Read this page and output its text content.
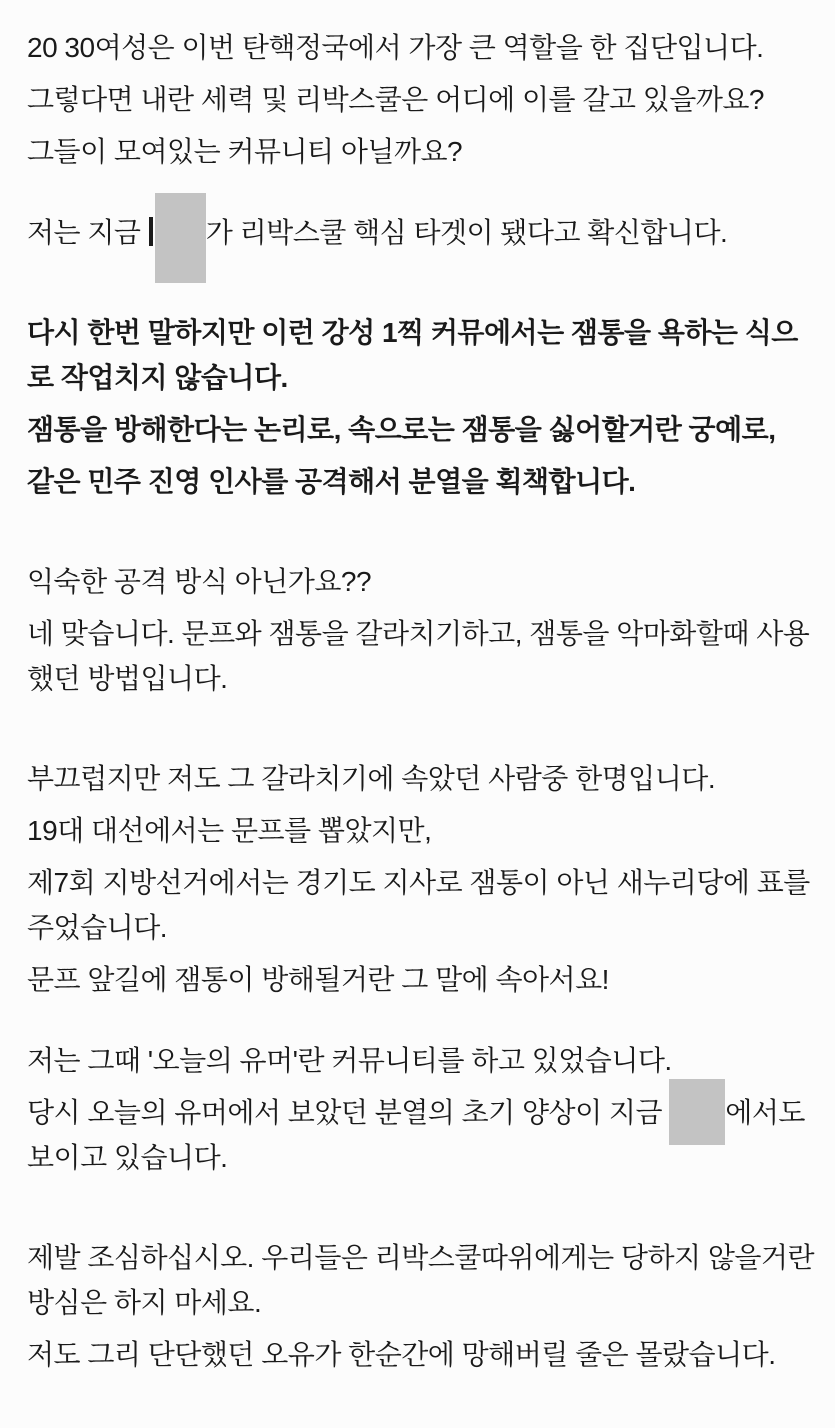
20 30여성은 이번 탄핵정국에서 가장 큰 역할을 한 집단입니다.

그렇다면 내란 세력 및 리박스쿨은 어디에 이를 갈고 있을까요?

그들이 모여있는 커뮤니티 아닐까요?

저는 지금
가 리박스쿨 핵심 타겟이 됐다고 확신합니다.

다시 한번 말하지만 이런 강성 1찍 커뮤에서는 잼통을 욕하는 식으로 작업치지 않습니다.

잼통을 방해한다는 논리로, 속으로는 잼통을 싫어할거란 궁예로,

같은 민주 진영 인사를 공격해서 분열을 획책합니다.

익숙한 공격 방식 아닌가요??

네 맞습니다. 문프와 잼통을 갈라치기하고, 잼통을 악마화할때 사용했던 방법입니다.

부끄럽지만 저도 그 갈라치기에 속았던 사람중 한명입니다.

19대 대선에서는 문프를 뽑았지만,

제7회 지방선거에서는 경기도 지사로 잼통이 아닌 새누리당에 표를 주었습니다.

문프 앞길에 잼통이 방해될거란 그 말에 속아서요!

저는 그때 '오늘의 유머'란 커뮤니티를 하고 있었습니다.

당시 오늘의 유머에서 보았던 분열의 초기 양상이 지금
에서도 보이고 있습니다.

제발 조심하십시오. 우리들은 리박스쿨따위에게는 당하지 않을거란 방심은 하지 마세요.

저도 그리 단단했던 오유가 한순간에 망해버릴 줄은 몰랐습니다.
